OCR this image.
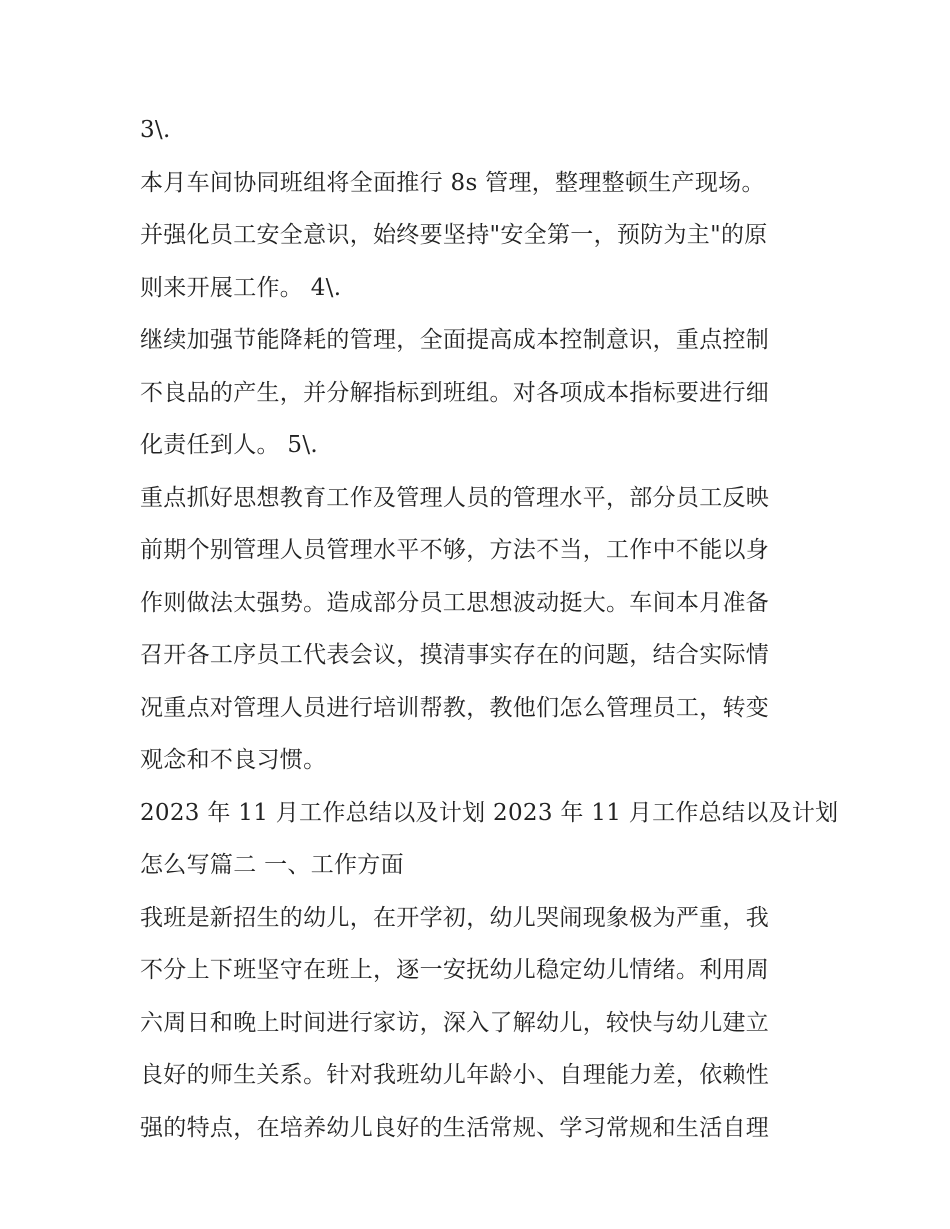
3\.
本月车间协同班组将全面推行 8s 管理，整理整顿生产现场。
并强化员工安全意识，始终要坚持"安全第一，预防为主"的原
则来开展工作。 4\.
继续加强节能降耗的管理，全面提高成本控制意识，重点控制
不良品的产生，并分解指标到班组。对各项成本指标要进行细
化责任到人。 5\.
重点抓好思想教育工作及管理人员的管理水平，部分员工反映
前期个别管理人员管理水平不够，方法不当，工作中不能以身
作则做法太强势。造成部分员工思想波动挺大。车间本月准备
召开各工序员工代表会议，摸清事实存在的问题，结合实际情
况重点对管理人员进行培训帮教，教他们怎么管理员工，转变
观念和不良习惯。
2023 年 11 月工作总结以及计划 2023 年 11 月工作总结以及计划
怎么写篇二 一、工作方面
我班是新招生的幼儿，在开学初，幼儿哭闹现象极为严重，我
不分上下班坚守在班上，逐一安抚幼儿稳定幼儿情绪。利用周
六周日和晚上时间进行家访，深入了解幼儿，较快与幼儿建立
良好的师生关系。针对我班幼儿年龄小、自理能力差，依赖性
强的特点，在培养幼儿良好的生活常规、学习常规和生活自理
